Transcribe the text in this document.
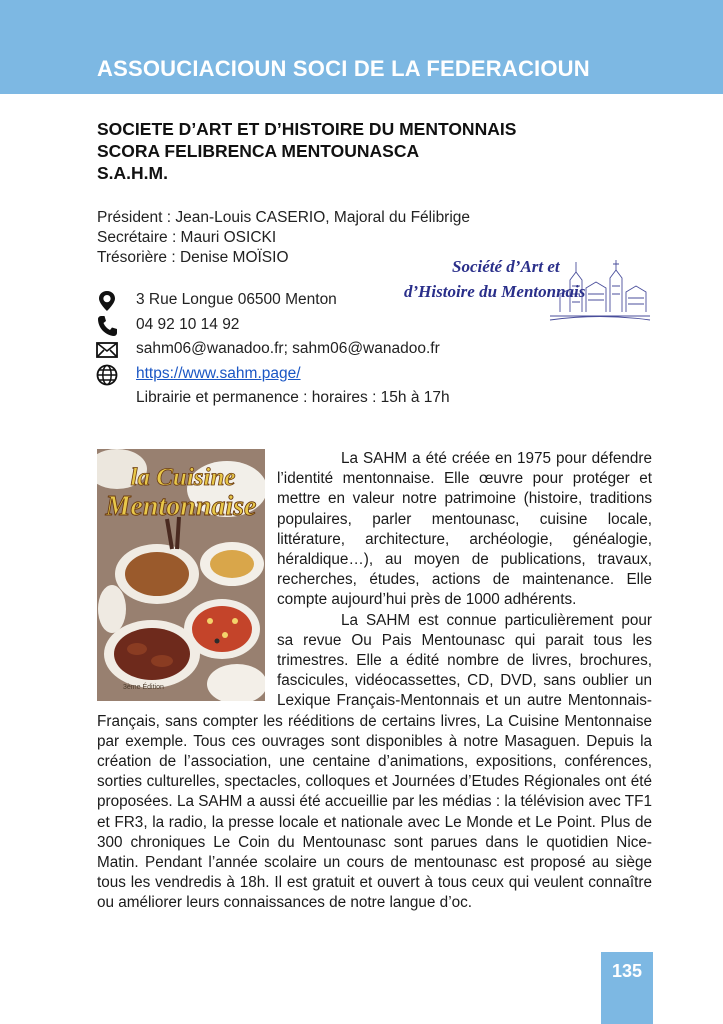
ASSOUCIACIOUN SOCI DE LA FEDERACIOUN
SOCIETE D’ART ET D’HISTOIRE DU MENTONNAIS
SCORA FELIBRENCA MENTOUNASCA
S.A.H.M.
Président : Jean-Louis CASERIO, Majoral du Félibrige
Secrétaire : Mauri OSICKI
Trésorière : Denise MOÏSIO	Société d’Art et
d’Histoire du Mentonnais
3 Rue Longue 06500 Menton
04 92 10 14 92
sahm06@wanadoo.fr; sahm06@wanadoo.fr
https://www.sahm.page/
Librairie et permanence : horaires : 15h à 17h
la Cuisine
Mentonnaise
3ème Édition

La SAHM a été créée en 1975 pour défendre l’identité mentonnaise. Elle œuvre pour protéger et mettre en valeur notre patrimoine (histoire, traditions populaires, parler mentounasc, cuisine locale, littérature, architecture, archéologie, généalogie, héraldique…), au moyen de publications, travaux, recherches, études, actions de maintenance. Elle compte aujourd’hui près de 1000 adhérents.

La SAHM est connue particulièrement pour sa revue Ou Pais Mentounasc qui parait tous les trimestres. Elle a édité nombre de livres, brochures, fascicules, vidéocassettes, CD, DVD, sans oublier un Lexique Français-Mentonnais et un autre Mentonnais-Français, sans compter les rééditions de certains livres, La Cuisine Mentonnaise par exemple. Tous ces ouvrages sont disponibles à notre Masaguen. Depuis la création de l’association, une centaine d’animations, expositions, conférences, sorties culturelles, spectacles, colloques et Journées d’Etudes Régionales ont été proposées. La SAHM a aussi été accueillie par les médias : la télévision avec TF1 et FR3, la radio, la presse locale et nationale avec Le Monde et Le Point. Plus de 300 chroniques Le Coin du Mentounasc sont parues dans le quotidien Nice-Matin. Pendant l’année scolaire un cours de mentounasc est proposé au siège tous les vendredis à 18h. Il est gratuit et ouvert à tous ceux qui veulent connaître ou améliorer leurs connaissances de notre langue d’oc.

135
